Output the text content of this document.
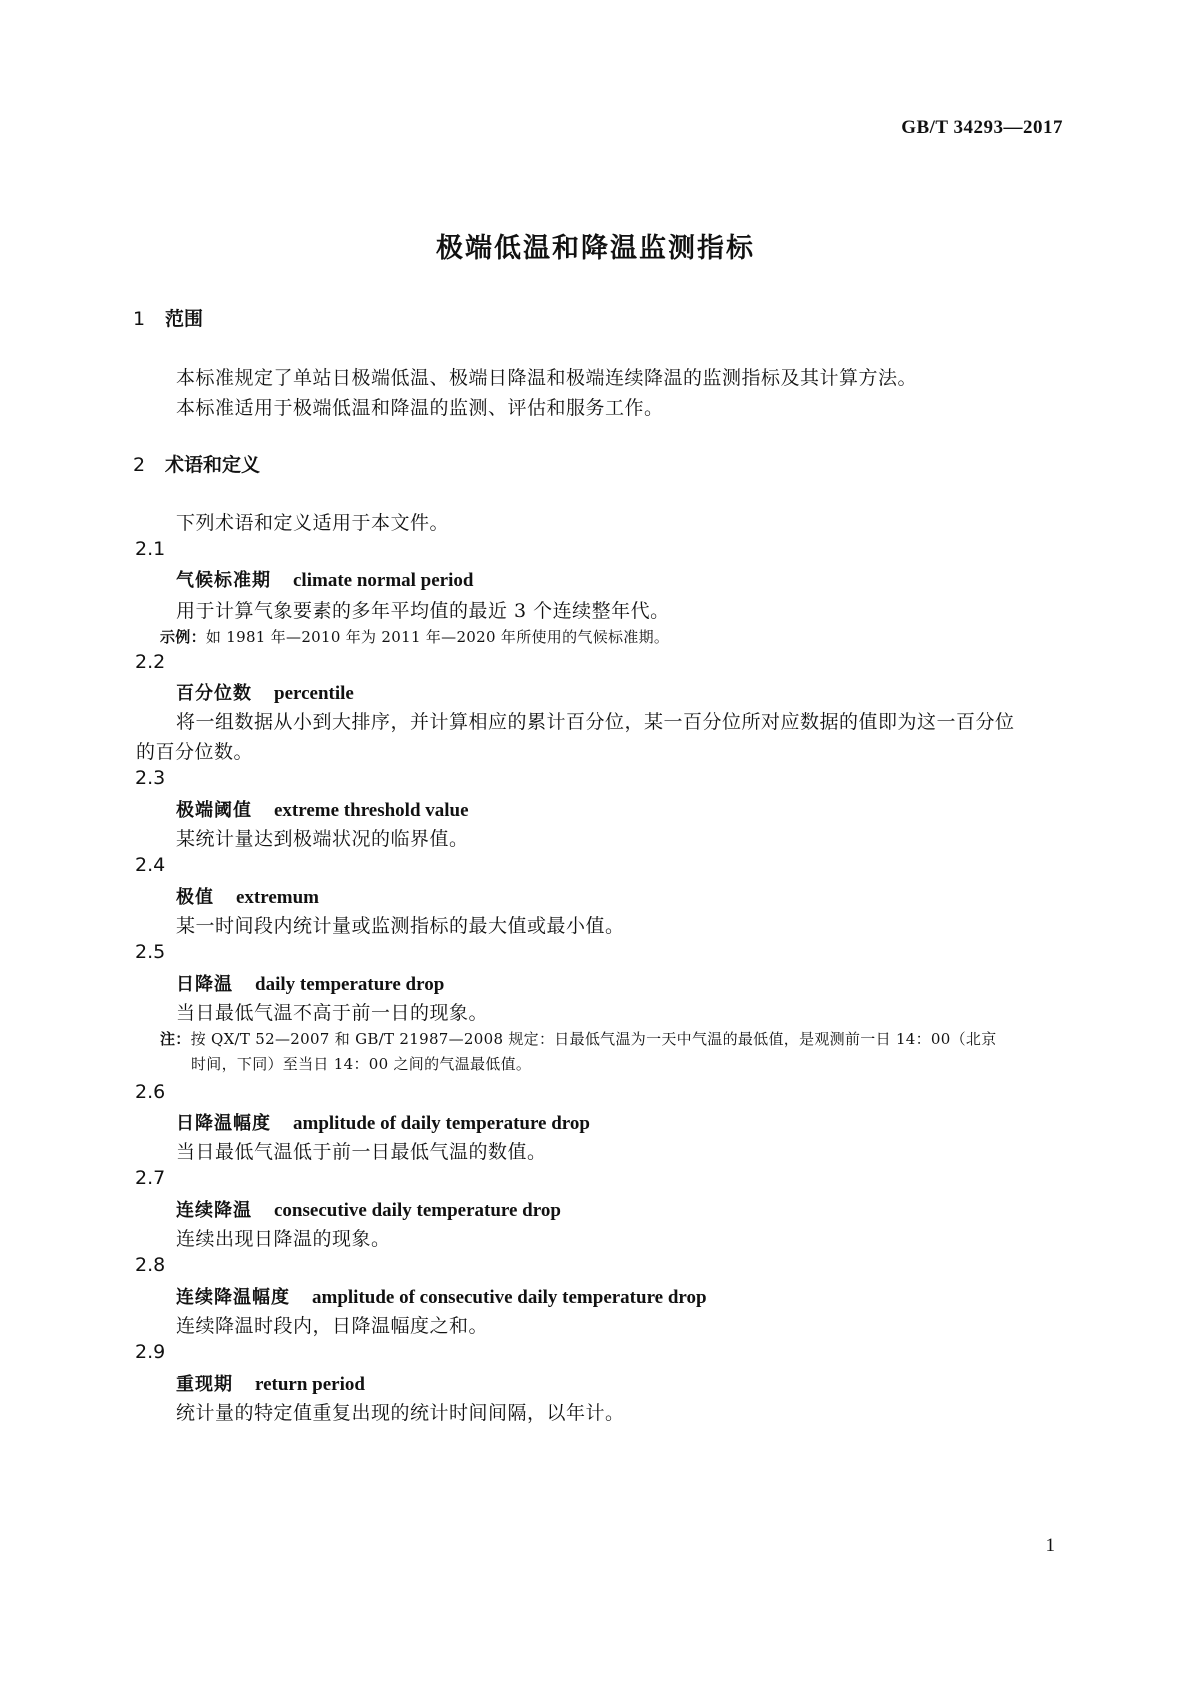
GB/T 34293—2017
极端低温和降温监测指标
1 范围
本标准规定了单站日极端低温、极端日降温和极端连续降温的监测指标及其计算方法。
本标准适用于极端低温和降温的监测、评估和服务工作。
2 术语和定义
下列术语和定义适用于本文件。
2.1
气候标准期 climate normal period
用于计算气象要素的多年平均值的最近 3 个连续整年代。
示例：如 1981 年—2010 年为 2011 年—2020 年所使用的气候标准期。
2.2
百分位数 percentile
将一组数据从小到大排序，并计算相应的累计百分位，某一百分位所对应数据的值即为这一百分位
的百分位数。
2.3
极端阈值 extreme threshold value
某统计量达到极端状况的临界值。
2.4
极值 extremum
某一时间段内统计量或监测指标的最大值或最小值。
2.5
日降温 daily temperature drop
当日最低气温不高于前一日的现象。
注：按 QX/T 52—2007 和 GB/T 21987—2008 规定：日最低气温为一天中气温的最低值，是观测前一日 14：00（北京
时间，下同）至当日 14：00 之间的气温最低值。
2.6
日降温幅度 amplitude of daily temperature drop
当日最低气温低于前一日最低气温的数值。
2.7
连续降温 consecutive daily temperature drop
连续出现日降温的现象。
2.8
连续降温幅度 amplitude of consecutive daily temperature drop
连续降温时段内，日降温幅度之和。
2.9
重现期 return period
统计量的特定值重复出现的统计时间间隔，以年计。
1
